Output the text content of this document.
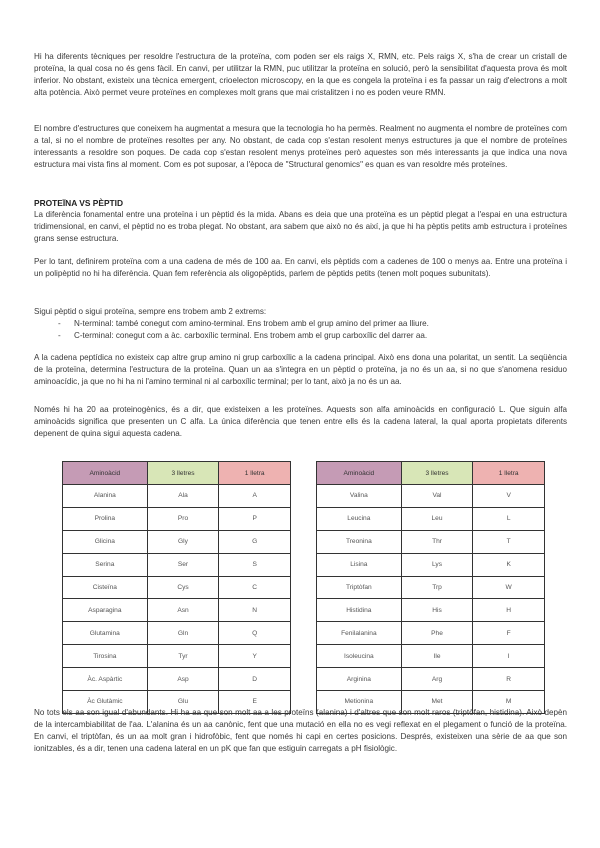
Hi ha diferents tècniques per resoldre l'estructura de la proteïna, com poden ser els raigs X, RMN, etc. Pels raigs X, s'ha de crear un cristall de proteïna, la qual cosa no és gens fàcil. En canvi, per utilitzar la RMN, puc utilitzar la proteïna en solució, però la sensibilitat d'aquesta prova és molt inferior. No obstant, existeix una tècnica emergent, crioelecton microscopy, en la que es congela la proteïna i es fa passar un raig d'electrons a molt alta potència. Això permet veure proteïnes en complexes molt grans que mai cristalitzen i no es poden veure RMN.

El nombre d'estructures que coneixem ha augmentat a mesura que la tecnologia ho ha permès. Realment no augmenta el nombre de proteïnes com a tal, si no el nombre de proteïnes resoltes per any. No obstant, de cada cop s'estan resolent menys estructures ja que el nombre de proteïnes interessants a resoldre son poques. De cada cop s'estan resolent menys proteïnes però aquestes son més interessants ja que indica una nova estructura mai vista fins al moment. Com es pot suposar, a l'època de "Structural genomics" es quan es van resoldre més proteïnes.

PROTEÏNA VS PÈPTID

La diferència fonamental entre una proteïna i un pèptid és la mida. Abans es deia que una proteïna es un pèptid plegat a l'espai en una estructura tridimensional, en canvi, el pèptid no es troba plegat. No obstant, ara sabem que això no és així, ja que hi ha pèptis petits amb estructura i proteïnes grans sense estructura.

Per lo tant, definirem proteïna com a una cadena de més de 100 aa. En canvi, els pèptids com a cadenes de 100 o menys aa. Entre una proteïna i un polipèptid no hi ha diferència. Quan fem referència als oligopèptids, parlem de pèptids petits (tenen molt poques subunitats).

Sigui pèptid o sigui proteïna, sempre ens trobem amb 2 extrems:

-	N-terminal: també conegut com amino-terminal. Ens trobem amb el grup amino del primer aa lliure.
-	C-terminal: conegut com a àc. carboxílic terminal. Ens trobem amb el grup carboxílic del darrer aa.

A la cadena peptídica no existeix cap altre grup amino ni grup carboxílic a la cadena principal. Això ens dona una polaritat, un sentit. La seqüència de la proteïna, determina l'estructura de la proteïna. Quan un aa s'integra en un pèptid o proteïna, ja no és un aa, si no que s'anomena residuo aminoacídic, ja que no hi ha ni l'amino terminal ni al carboxílic terminal; per lo tant, això ja no és un aa.

Només hi ha 20 aa proteinogènics, és a dir, que existeixen a les proteïnes. Aquests son alfa aminoàcids en configuració L. Que siguin alfa aminoàcids significa que presenten un C alfa. La única diferència que tenen entre ells és la cadena lateral, la qual aporta propietats diferents depenent de quina sigui aquesta cadena.

Aminoàcid	3 lletres	1 lletra
Alanina	Ala	A
Prolina	Pro	P
Glicina	Gly	G
Serina	Ser	S
Cisteïna	Cys	C
Asparagina	Asn	N
Glutamina	Gln	Q
Tirosina	Tyr	Y
Àc. Aspàrtic	Asp	D
Àc Glutàmic	Glu	E
Aminoàcid	3 lletres	1 lletra
Valina	Val	V
Leucina	Leu	L
Treonina	Thr	T
Lisina	Lys	K
Triptòfan	Trp	W
Histidina	His	H
Fenilalanina	Phe	F
Isoleucina	Ile	I
Arginina	Arg	R
Metionina	Met	M

No tots els aa son igual d'abundants. Hi ha aa que son molt aa a les proteïns (alanina) i d'altres que son molt raros (triptòfan, histidina). Això depèn de la intercambiabilitat de l'aa. L'alanina és un aa canònic, fent que una mutació en ella no es vegi reflexat en el plegament o funció de la proteïna. En canvi, el triptòfan, és un aa molt gran i hidrofòbic, fent que només hi capi en certes posicions. Després, existeixen una sèrie de aa que son ionitzables, és a dir, tenen una cadena lateral en un pK que fan que estiguin carregats a pH fisiològic.
